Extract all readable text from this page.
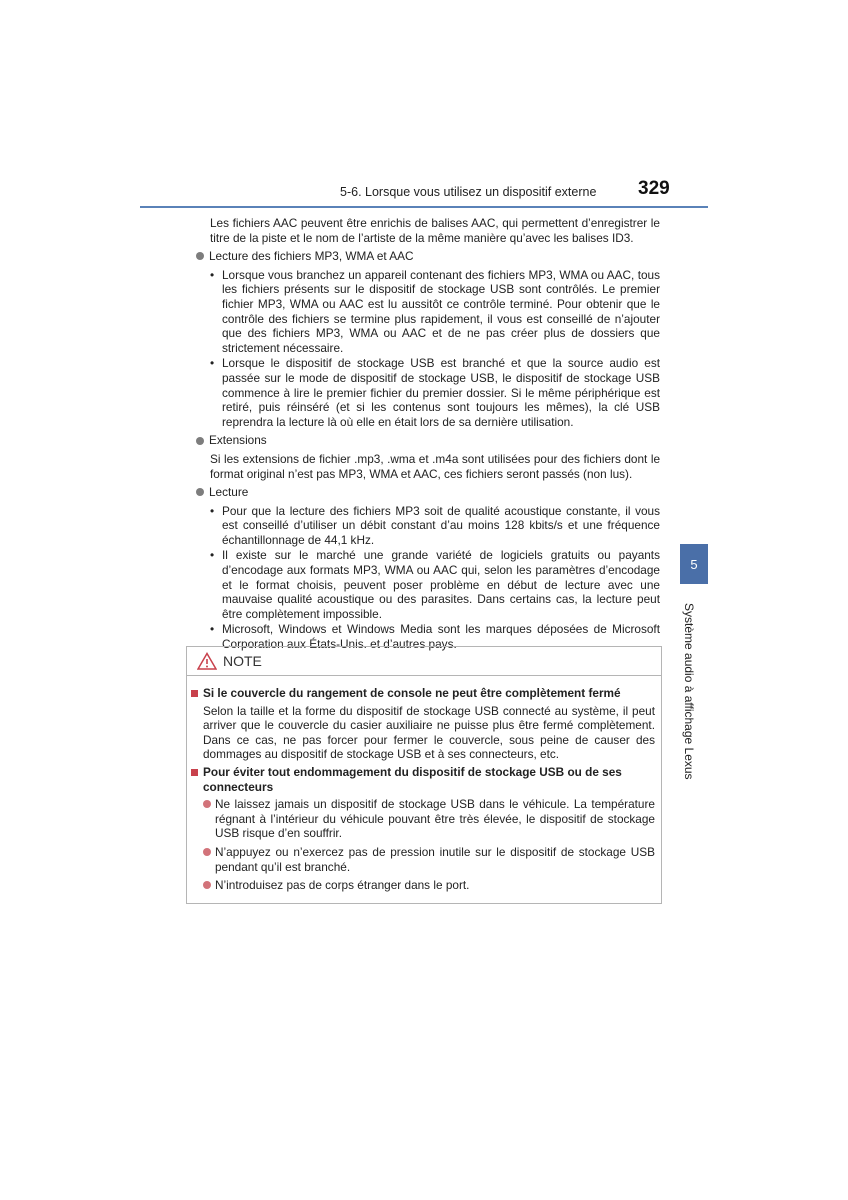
5-6. Lorsque vous utilisez un dispositif externe 329
5
Système audio à affichage Lexus

Les fichiers AAC peuvent être enrichis de balises AAC, qui permettent d’enregistrer le titre de la piste et le nom de l’artiste de la même manière qu’avec les balises ID3.

Lecture des fichiers MP3, WMA et AAC
• Lorsque vous branchez un appareil contenant des fichiers MP3, WMA ou AAC, tous les fichiers présents sur le dispositif de stockage USB sont contrôlés. Le premier fichier MP3, WMA ou AAC est lu aussitôt ce contrôle terminé. Pour obtenir que le contrôle des fichiers se termine plus rapidement, il vous est conseillé de n’ajouter que des fichiers MP3, WMA ou AAC et de ne pas créer plus de dossiers que strictement nécessaire.
• Lorsque le dispositif de stockage USB est branché et que la source audio est passée sur le mode de dispositif de stockage USB, le dispositif de stockage USB commence à lire le premier fichier du premier dossier. Si le même périphérique est retiré, puis réinséré (et si les contenus sont toujours les mêmes), la clé USB reprendra la lecture là où elle en était lors de sa dernière utilisation.
Extensions

Si les extensions de fichier .mp3, .wma et .m4a sont utilisées pour des fichiers dont le format original n’est pas MP3, WMA et AAC, ces fichiers seront passés (non lus).

Lecture
• Pour que la lecture des fichiers MP3 soit de qualité acoustique constante, il vous est conseillé d’utiliser un débit constant d’au moins 128 kbits/s et une fréquence échantillonnage de 44,1 kHz.
• Il existe sur le marché une grande variété de logiciels gratuits ou payants d’encodage aux formats MP3, WMA ou AAC qui, selon les paramètres d’encodage et le format choisis, peuvent poser problème en début de lecture avec une mauvaise qualité acoustique ou des parasites. Dans certains cas, la lecture peut être complètement impossible.
• Microsoft, Windows et Windows Media sont les marques déposées de Microsoft Corporation aux États-Unis. et d’autres pays.
NOTE
Si le couvercle du rangement de console ne peut être complètement fermé

Selon la taille et la forme du dispositif de stockage USB connecté au système, il peut arriver que le couvercle du casier auxiliaire ne puisse plus être fermé complètement. Dans ce cas, ne pas forcer pour fermer le couvercle, sous peine de causer des dommages au dispositif de stockage USB et à ses connecteurs, etc.

Pour éviter tout endommagement du dispositif de stockage USB ou de ses connecteurs
Ne laissez jamais un dispositif de stockage USB dans le véhicule. La température régnant à l’intérieur du véhicule pouvant être très élevée, le dispositif de stockage USB risque d’en souffrir.
N’appuyez ou n’exercez pas de pression inutile sur le dispositif de stockage USB pendant qu’il est branché.
N’introduisez pas de corps étranger dans le port.
